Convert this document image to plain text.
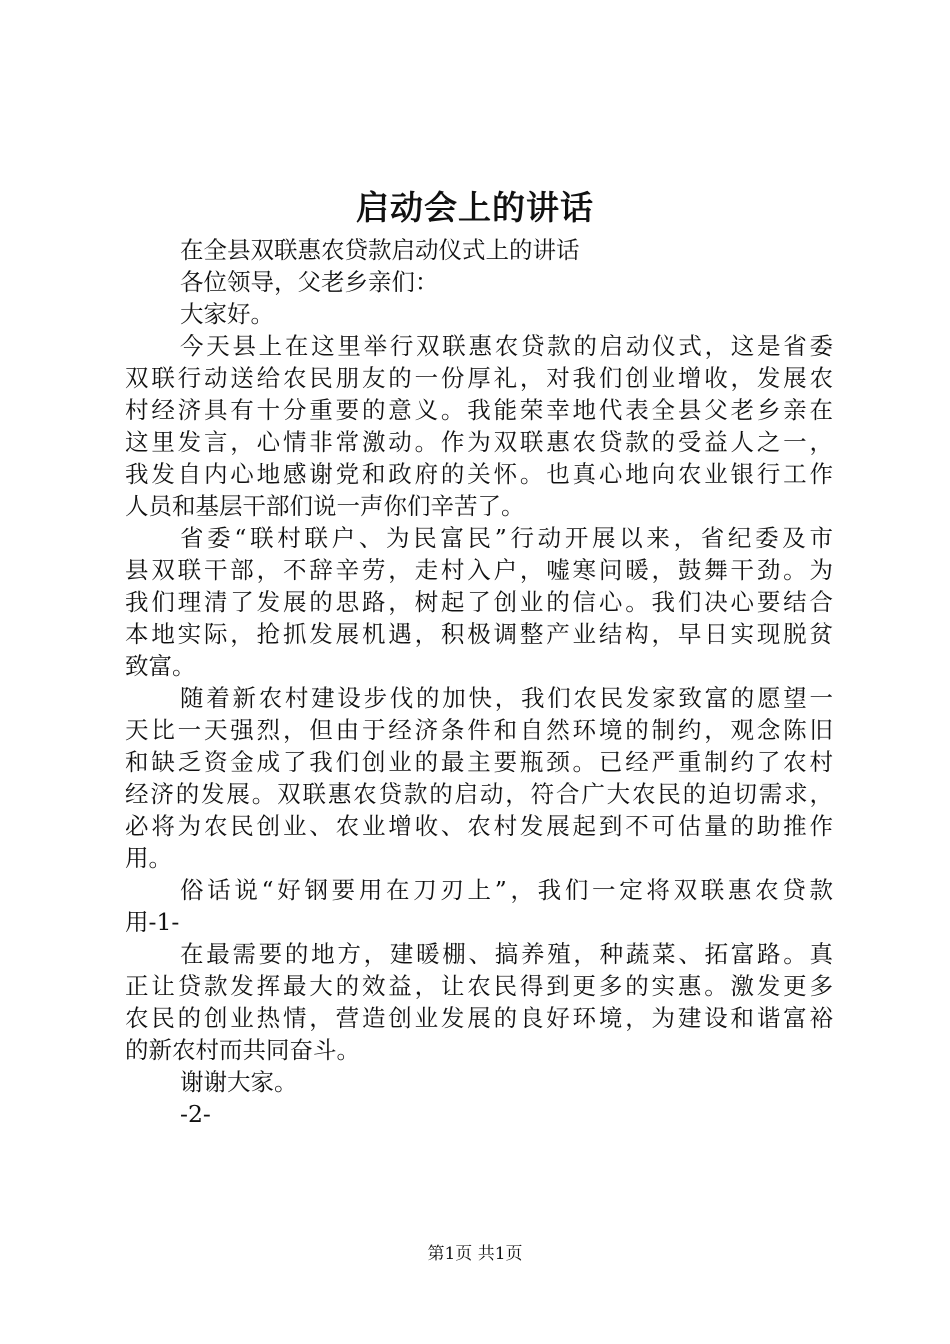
启动会上的讲话
在全县双联惠农贷款启动仪式上的讲话
各位领导，父老乡亲们：
大家好。
今天县上在这里举行双联惠农贷款的启动仪式，这是省委
双联行动送给农民朋友的一份厚礼，对我们创业增收，发展农
村经济具有十分重要的意义。我能荣幸地代表全县父老乡亲在
这里发言，心情非常激动。作为双联惠农贷款的受益人之一，
我发自内心地感谢党和政府的关怀。也真心地向农业银行工作
人员和基层干部们说一声你们辛苦了。
省委“联村联户、为民富民”行动开展以来，省纪委及市
县双联干部，不辞辛劳，走村入户，嘘寒问暖，鼓舞干劲。为
我们理清了发展的思路，树起了创业的信心。我们决心要结合
本地实际，抢抓发展机遇，积极调整产业结构，早日实现脱贫
致富。
随着新农村建设步伐的加快，我们农民发家致富的愿望一
天比一天强烈，但由于经济条件和自然环境的制约，观念陈旧
和缺乏资金成了我们创业的最主要瓶颈。已经严重制约了农村
经济的发展。双联惠农贷款的启动，符合广大农民的迫切需求，
必将为农民创业、农业增收、农村发展起到不可估量的助推作
用。
俗话说“好钢要用在刀刃上”，我们一定将双联惠农贷款
用-1-
在最需要的地方，建暖棚、搞养殖，种蔬菜、拓富路。真
正让贷款发挥最大的效益，让农民得到更多的实惠。激发更多
农民的创业热情，营造创业发展的良好环境，为建设和谐富裕
的新农村而共同奋斗。
谢谢大家。
-2-
第1页 共1页
